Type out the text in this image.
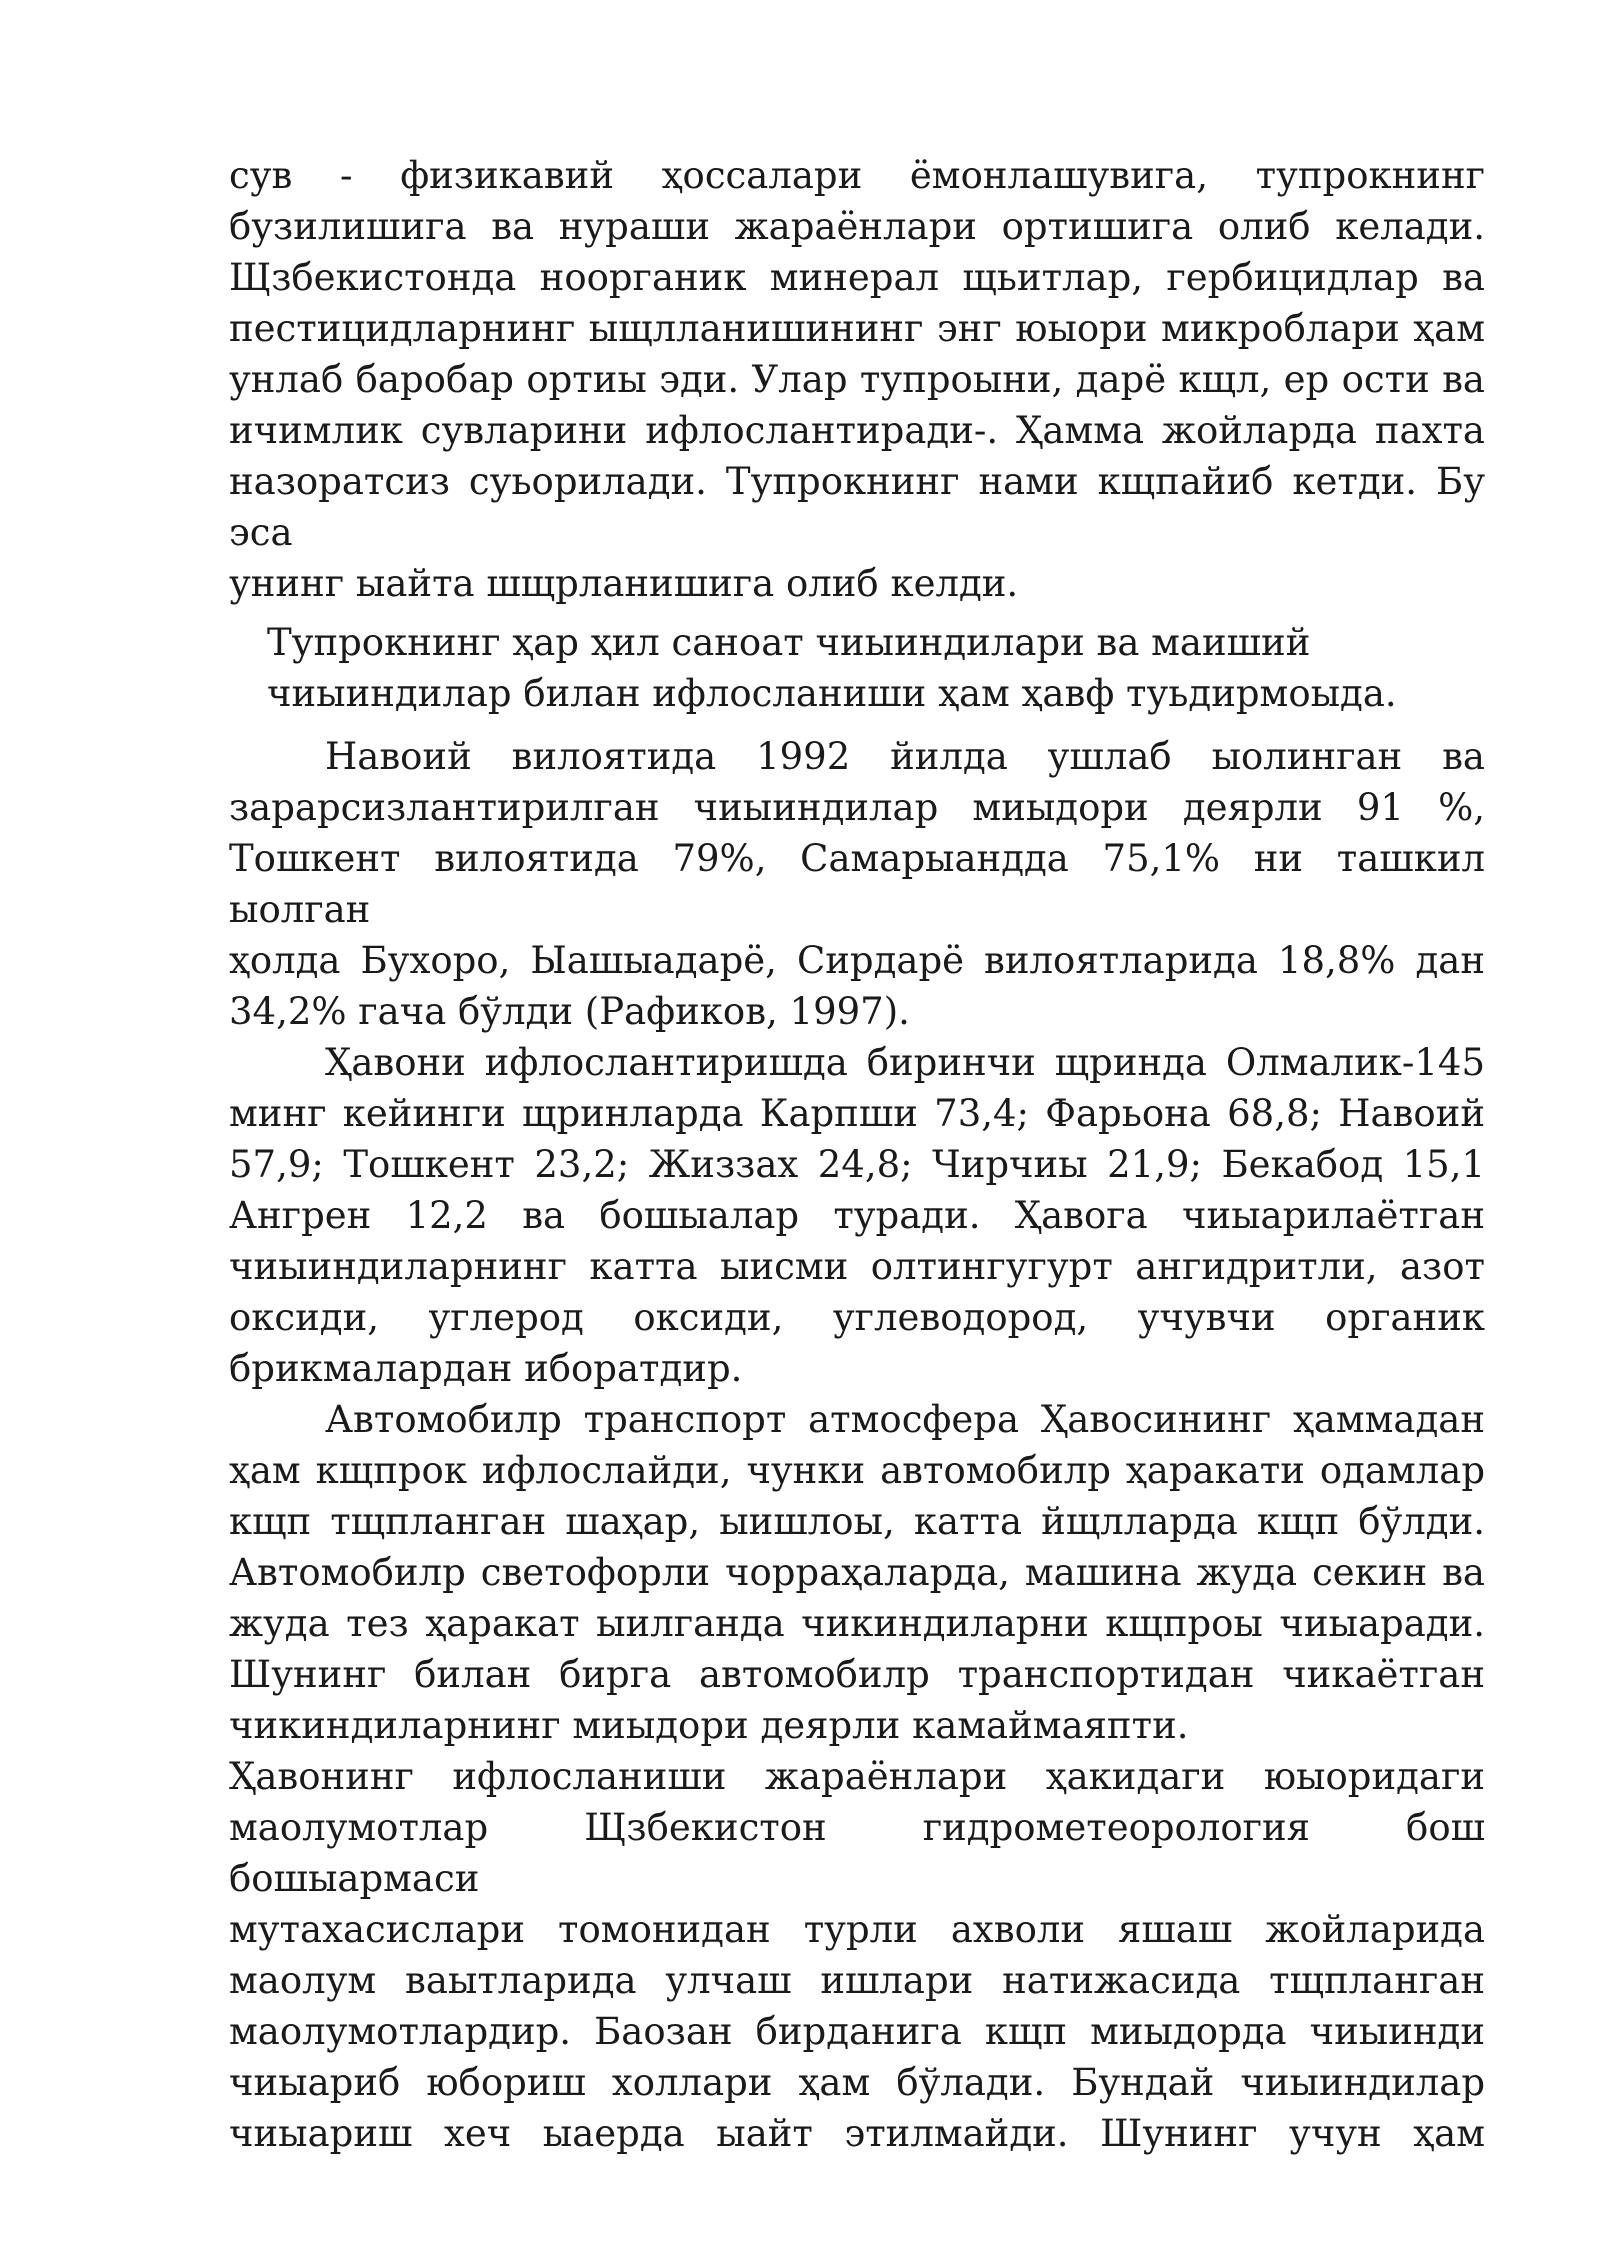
сув - физикавий ҳоссалари ёмонлашувига, тупрокнинг
бузилишига ва нураши жараёнлари ортишига олиб келади.
Щзбекистонда ноорганик минерал щьитлар, гербицидлар ва
пестицидларнинг ыщлланишининг энг юыори микроблари ҳам
унлаб баробар ортиы эди. Улар тупроыни, дарё кщл, ер ости ва
ичимлик сувларини ифлослантиради-. Ҳамма жойларда пахта
назоратсиз суьорилади. Тупрокнинг нами кщпайиб кетди. Бу эса
унинг ыайта шщрланишига олиб келди.
Тупрокнинг ҳар ҳил саноат чиыиндилари ва маиший
чиыиндилар билан ифлосланиши ҳам ҳавф туьдирмоыда.
Навоий вилоятида 1992 йилда ушлаб ыолинган ва
зарарсизлантирилган чиыиндилар миыдори деярли 91 %,
Тошкент вилоятида 79%, Самарыандда 75,1% ни ташкил ыолган
ҳолда Бухоро, Ыашыадарё, Сирдарё вилоятларида 18,8% дан
34,2% гача бўлди (Рафиков, 1997).
Ҳавони ифлослантиришда биринчи щринда Олмалик-145
минг кейинги щринларда Карпши 73,4; Фарьона 68,8; Навоий
57,9; Тошкент 23,2; Жиззах 24,8; Чирчиы 21,9; Бекабод 15,1
Ангрен 12,2 ва бошыалар туради. Ҳавога чиыарилаётган
чиыиндиларнинг катта ыисми олтингугурт ангидритли, азот
оксиди, углерод оксиди, углеводород, учувчи органик
брикмалардан иборатдир.
Автомобилр транспорт атмосфера Ҳавосининг ҳаммадан
ҳам кщпрок ифлослайди, чунки автомобилр ҳаракати одамлар
кщп тщпланган шаҳар, ыишлоы, катта йщлларда кщп бўлди.
Автомобилр светофорли чорраҳаларда, машина жуда секин ва
жуда тез ҳаракат ыилганда чикиндиларни кщпроы чиыаради.
Шунинг билан бирга автомобилр транспортидан чикаётган
чикиндиларнинг миыдори деярли камаймаяпти.
Ҳавонинг ифлосланиши жараёнлари ҳакидаги юыоридаги
маолумотлар Щзбекистон гидрометеорология бош бошыармаси
мутахасислари томонидан турли ахволи яшаш жойларида
маолум ваытларида улчаш ишлари натижасида тщпланган
маолумотлардир. Баозан бирданига кщп миыдорда чиыинди
чиыариб юбориш холлари ҳам бўлади. Бундай чиыиндилар
чиыариш хеч ыаерда ыайт этилмайди. Шунинг учун ҳам
